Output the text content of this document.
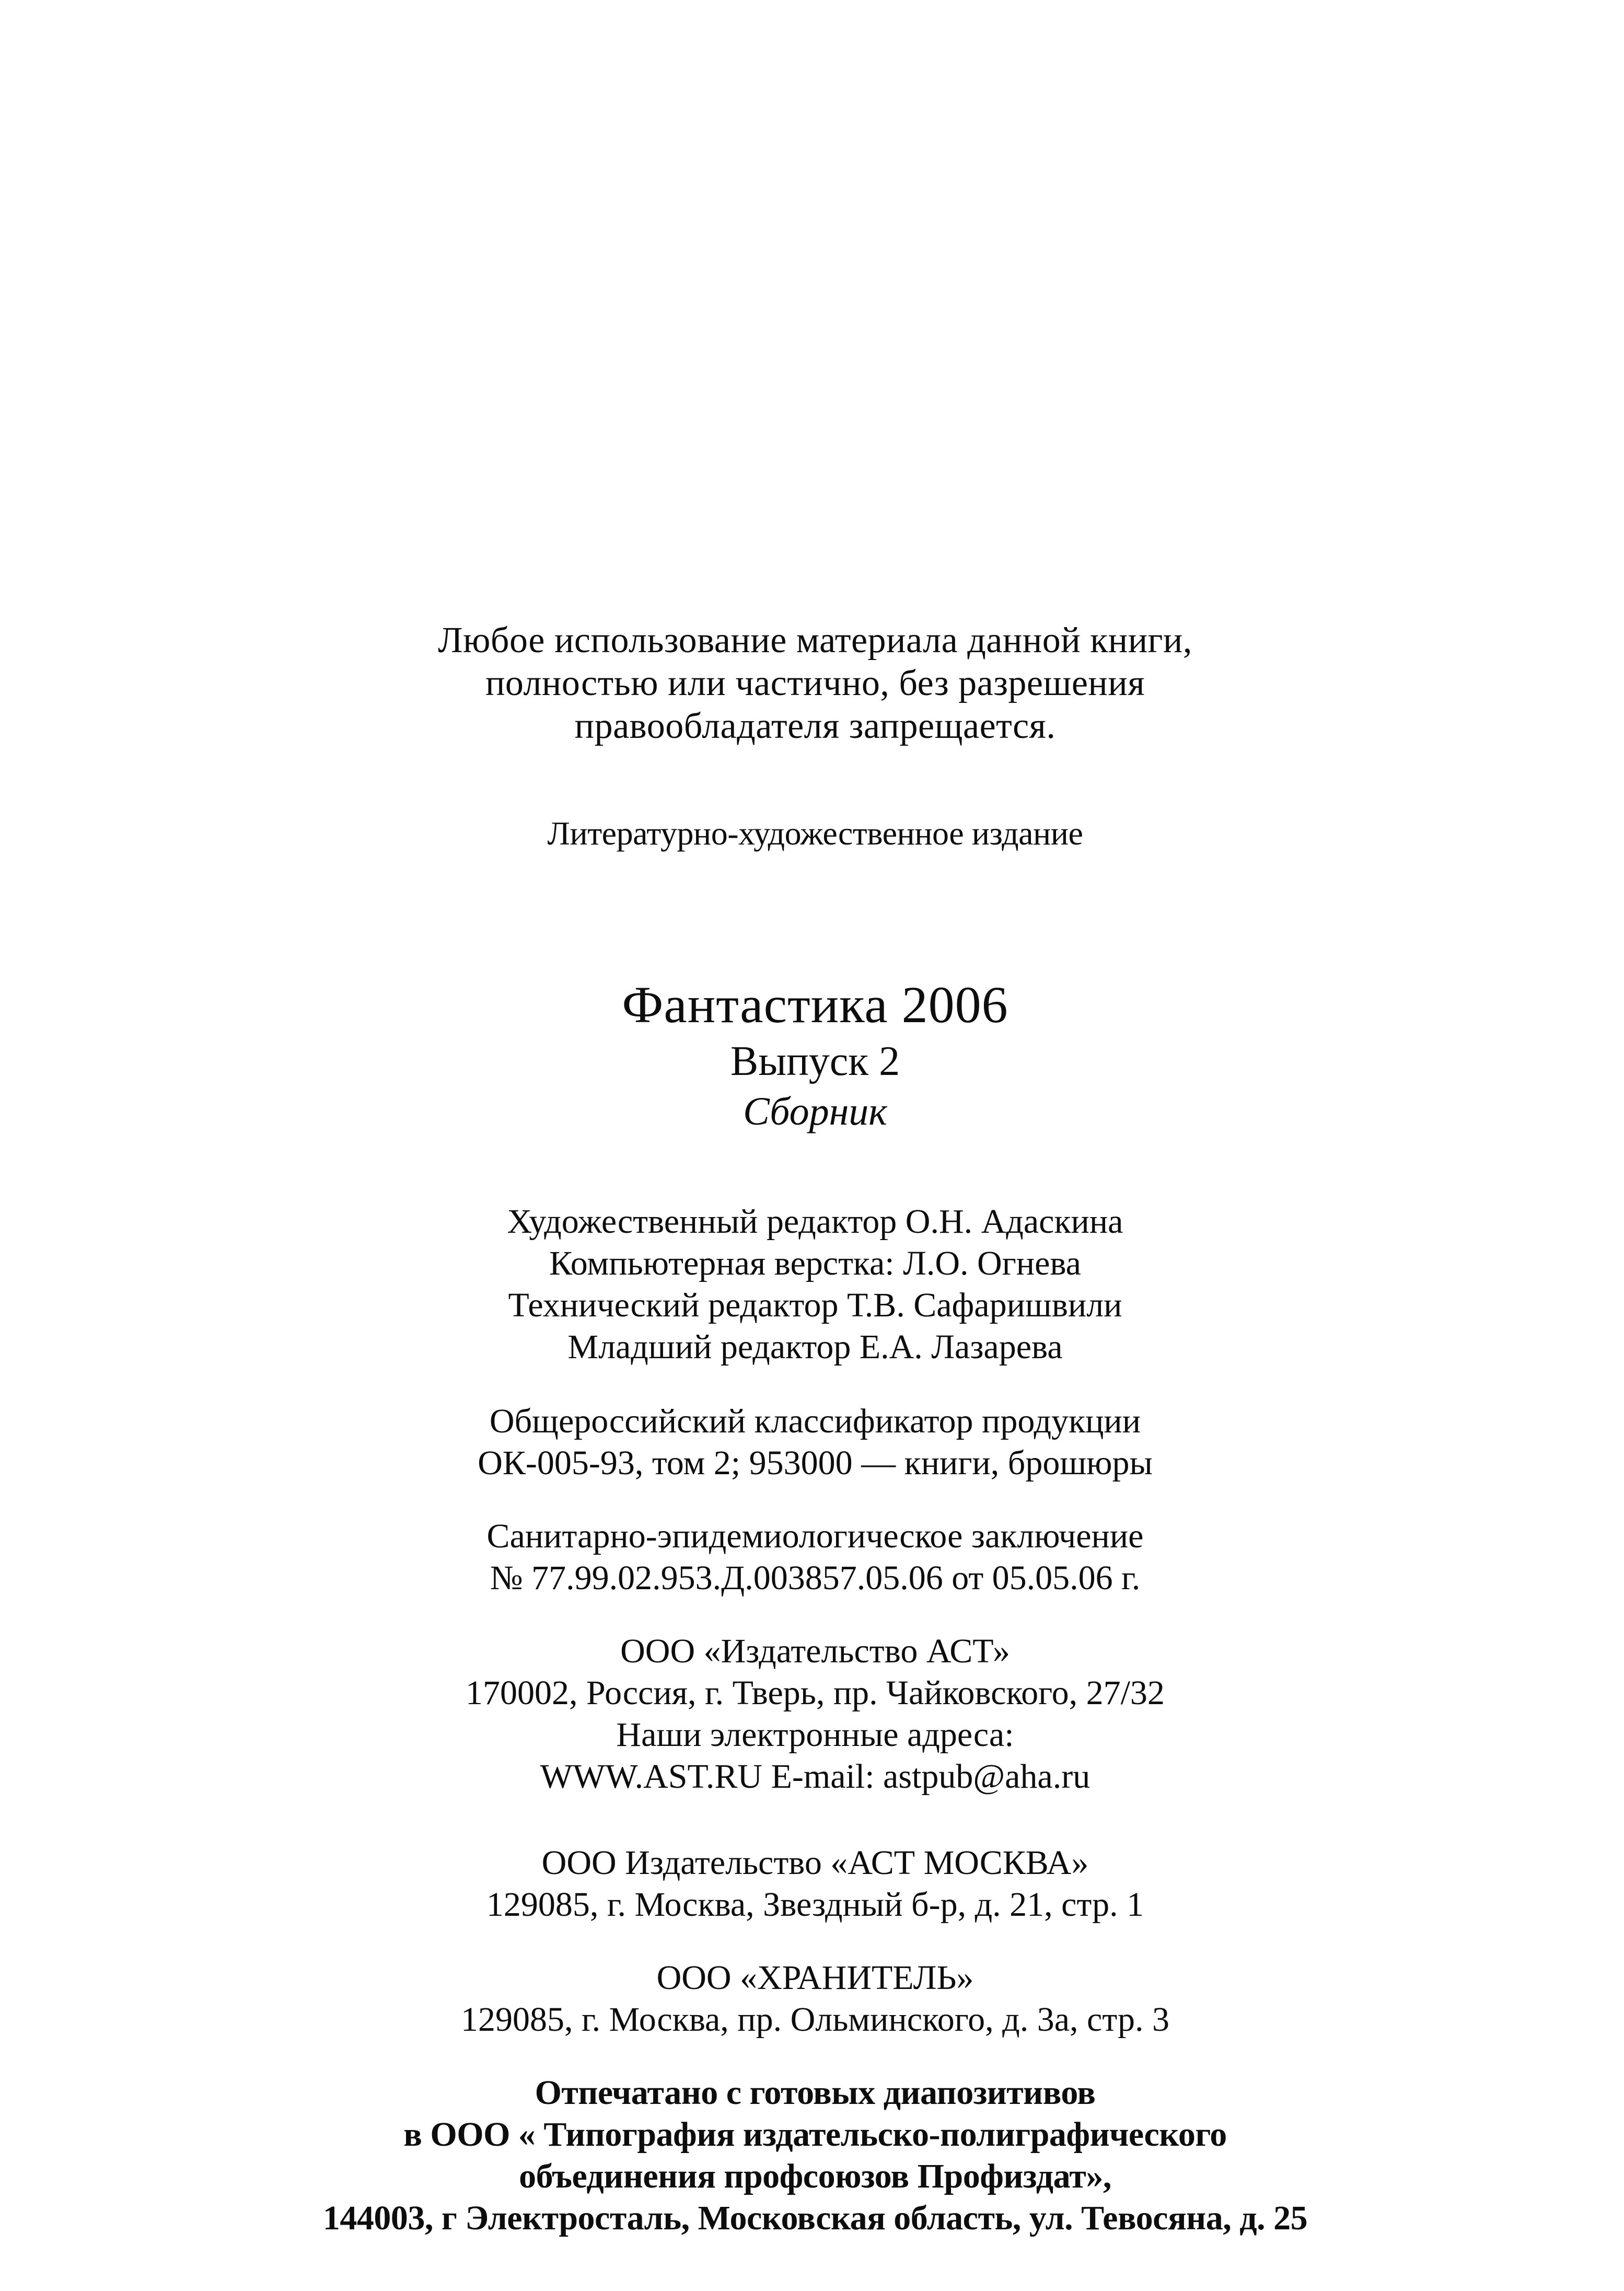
Любое использование материала данной книги,
полностью или частично, без разрешения
правообладателя запрещается.
Литературно-художественное издание
Фантастика 2006
Выпуск 2
Сборник
Художественный редактор О.Н. Адаскина
Компьютерная верстка: Л.О. Огнева
Технический редактор Т.В. Сафаришвили
Младший редактор Е.А. Лазарева
Общероссийский классификатор продукции
ОК-005-93, том 2; 953000 — книги, брошюры
Санитарно-эпидемиологическое заключение
№ 77.99.02.953.Д.003857.05.06 от 05.05.06 г.
ООО «Издательство АСТ»
170002, Россия, г. Тверь, пр. Чайковского, 27/32
Наши электронные адреса:
WWW.AST.RU E-mail: astpub@aha.ru
ООО Издательство «АСТ МОСКВА»
129085, г. Москва, Звездный б-р, д. 21, стр. 1
ООО «ХРАНИТЕЛЬ»
129085, г. Москва, пр. Ольминского, д. 3а, стр. 3
Отпечатано с готовых диапозитивов
в ООО « Типография издательско-полиграфического
объединения профсоюзов Профиздат»,
144003, г Электросталь, Московская область, ул. Тевосяна, д. 25
